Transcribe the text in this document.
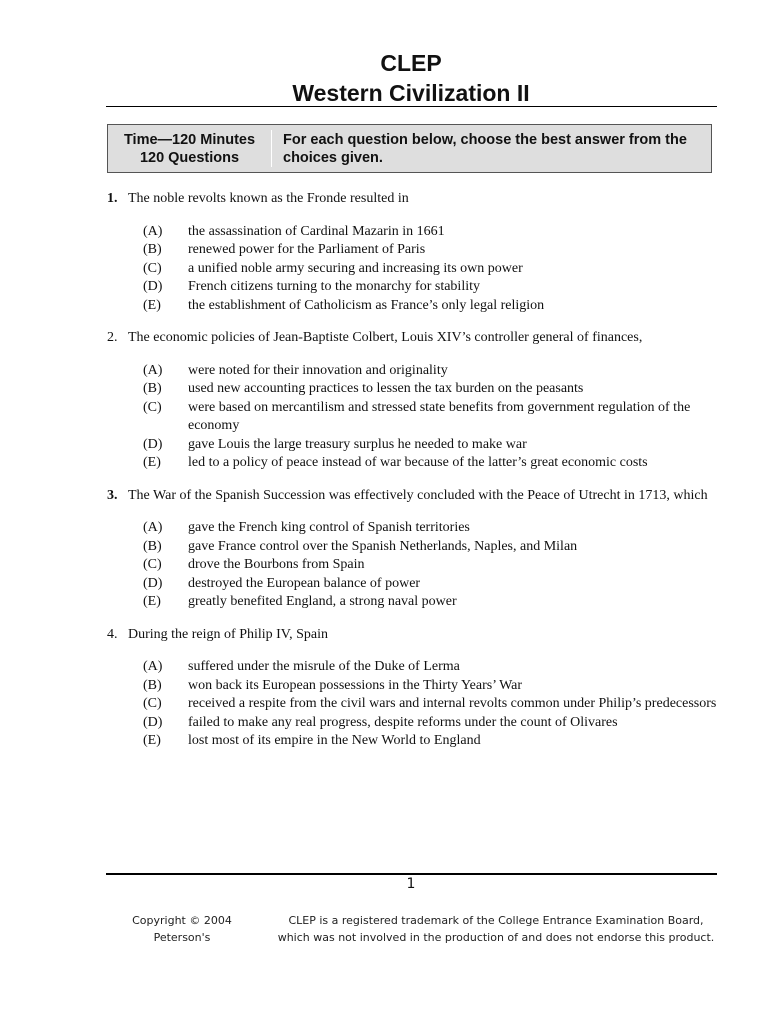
CLEP
Western Civilization II
Time—120 Minutes
120 Questions
For each question below, choose the best answer from the choices given.
1. The noble revolts known as the Fronde resulted in
(A)	the assassination of Cardinal Mazarin in 1661
(B)	renewed power for the Parliament of Paris
(C)	a unified noble army securing and increasing its own power
(D)	French citizens turning to the monarchy for stability
(E)	the establishment of Catholicism as France’s only legal religion
2. The economic policies of Jean-Baptiste Colbert, Louis XIV’s controller general of finances,
(A)	were noted for their innovation and originality
(B)	used new accounting practices to lessen the tax burden on the peasants
(C)	were based on mercantilism and stressed state benefits from government regulation of the economy
(D)	gave Louis the large treasury surplus he needed to make war
(E)	led to a policy of peace instead of war because of the latter’s great economic costs
3. The War of the Spanish Succession was effectively concluded with the Peace of Utrecht in 1713, which
(A)	gave the French king control of Spanish territories
(B)	gave France control over the Spanish Netherlands, Naples, and Milan
(C)	drove the Bourbons from Spain
(D)	destroyed the European balance of power
(E)	greatly benefited England, a strong naval power
4. During the reign of Philip IV, Spain
(A)	suffered under the misrule of the Duke of Lerma
(B)	won back its European possessions in the Thirty Years’ War
(C)	received a respite from the civil wars and internal revolts common under Philip’s predecessors
(D)	failed to make any real progress, despite reforms under the count of Olivares
(E)	lost most of its empire in the New World to England
1
Copyright © 2004
Peterson's
CLEP is a registered trademark of the College Entrance Examination Board,
which was not involved in the production of and does not endorse this product.
